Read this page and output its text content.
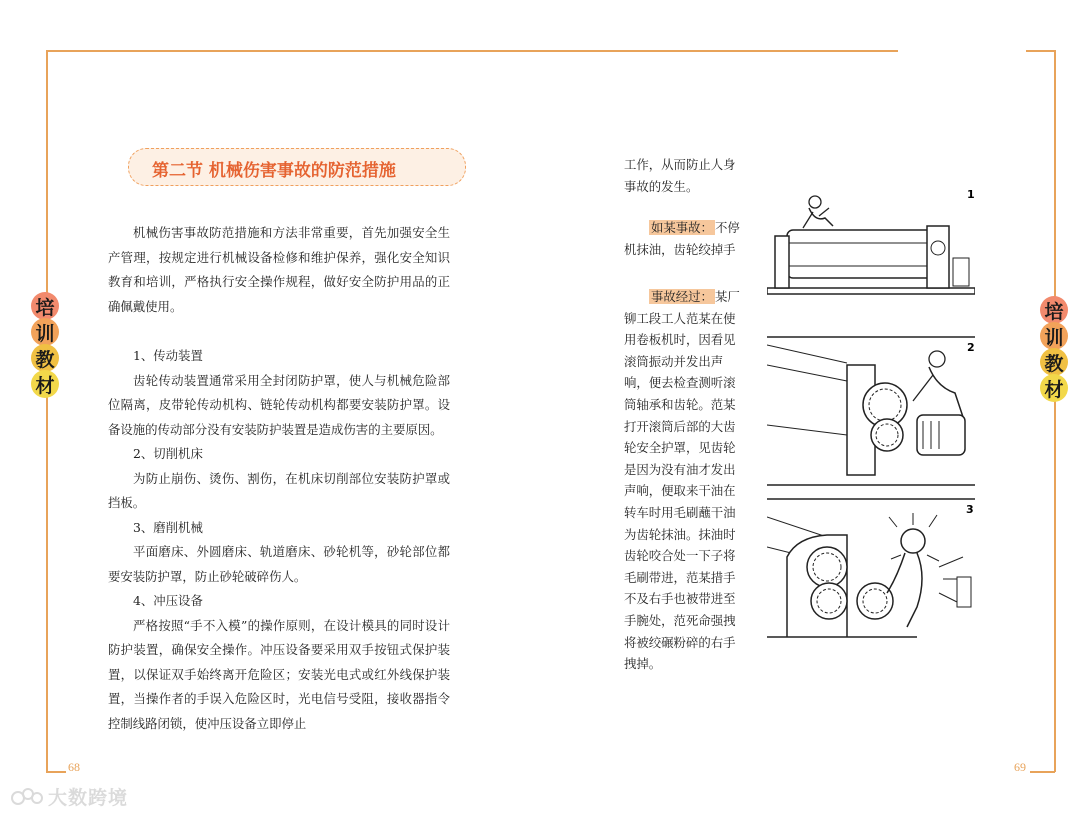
68	69
培
训
教
材
培
训
教
材
第二节 机械伤害事故的防范措施
机械伤害事故防范措施和方法非常重要，首先加强安全生产管理，按规定进行机械设备检修和维护保养，强化安全知识教育和培训，严格执行安全操作规程，做好安全防护用品的正确佩戴使用。

1、传动装置

齿轮传动装置通常采用全封闭防护罩，使人与机械危险部位隔离，皮带轮传动机构、链轮传动机构都要安装防护罩。设备设施的传动部分没有安装防护装置是造成伤害的主要原因。

2、切削机床

为防止崩伤、烫伤、割伤，在机床切削部位安装防护罩或挡板。

3、磨削机械

平面磨床、外圆磨床、轨道磨床、砂轮机等，砂轮部位都要安装防护罩，防止砂轮破碎伤人。

4、冲压设备

严格按照“手不入模”的操作原则，在设计模具的同时设计防护装置，确保安全操作。冲压设备要采用双手按钮式保护装置，以保证双手始终离开危险区；安装光电式或红外线保护装置，当操作者的手误入危险区时，光电信号受阻，接收器指令控制线路闭锁，使冲压设备立即停止

工作，从而防止人身事故的发生。
如某事故： 不停机抹油，齿轮绞掉手
事故经过： 某厂铆工段工人范某在使用卷板机时，因看见滚筒振动并发出声响，便去检查测听滚筒轴承和齿轮。范某打开滚筒后部的大齿轮安全护罩，见齿轮是因为没有油才发出声响，便取来干油在转车时用毛刷蘸干油为齿轮抹油。抹油时齿轮咬合处一下子将毛刷带进，范某措手不及右手也被带进至手腕处，范死命强拽将被绞碾粉碎的右手拽掉。
1
2
3
大数跨境
